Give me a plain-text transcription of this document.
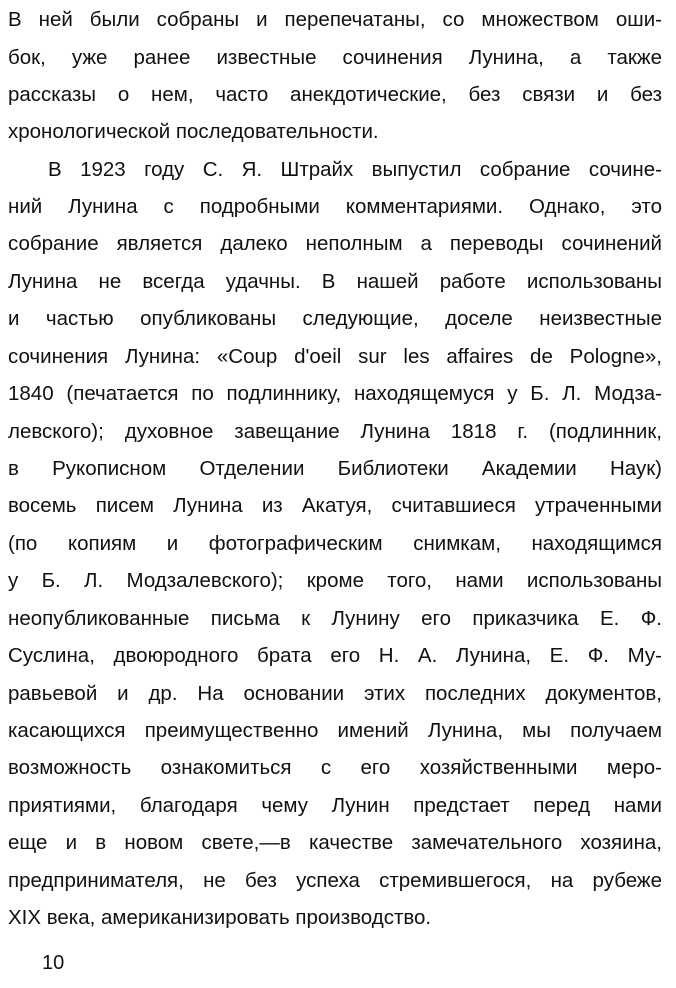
В ней были собраны и перепечатаны, со множеством оши-
бок, уже ранее известные сочинения Лунина, а также
рассказы о нем, часто анекдотические, без связи и без
хронологической последовательности.
В 1923 году С. Я. Штрайх выпустил собрание сочине-
ний Лунина с подробными комментариями. Однако, это
собрание является далеко неполным а переводы сочинений
Лунина не всегда удачны. В нашей работе использованы
и частью опубликованы следующие, доселе неизвестные
сочинения Лунина: «Coup d'oeil sur les affaires de Pologne»,
1840 (печатается по подлиннику, находящемуся у Б. Л. Модза-
левского); духовное завещание Лунина 1818 г. (подлинник,
в Рукописном Отделении Библиотеки Академии Наук)
восемь писем Лунина из Акатуя, считавшиеся утраченными
(по копиям и фотографическим снимкам, находящимся
у Б. Л. Модзалевского); кроме того, нами использованы
неопубликованные письма к Лунину его приказчика Е. Ф.
Суслина, двоюродного брата его Н. А. Лунина, Е. Ф. Му-
равьевой и др. На основании этих последних документов,
касающихся преимущественно имений Лунина, мы получаем
возможность ознакомиться с его хозяйственными меро-
приятиями, благодаря чему Лунин предстает перед нами
еще и в новом свете,—в качестве замечательного хозяина,
предпринимателя, не без успеха стремившегося, на рубеже
XIX века, американизировать производство.
10
